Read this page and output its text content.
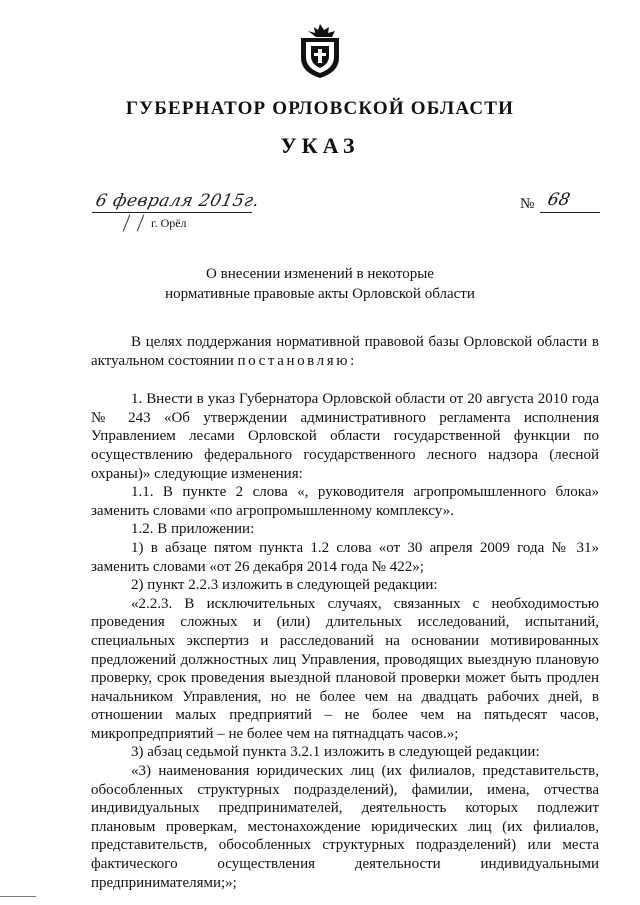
ГУБЕРНАТОР ОРЛОВСКОЙ ОБЛАСТИ
УКАЗ
6 февраля 2015г.
г. Орёл
№ 68
О внесении изменений в некоторые
нормативные правовые акты Орловской области

В целях поддержания нормативной правовой базы Орловской области в актуальном состоянии постановляю:

1. Внести в указ Губернатора Орловской области от 20 августа 2010 года № 243 «Об утверждении административного регламента исполнения Управлением лесами Орловской области государственной функции по осуществлению федерального государственного лесного надзора (лесной охраны)» следующие изменения:

1.1. В пункте 2 слова «, руководителя агропромышленного блока» заменить словами «по агропромышленному комплексу».

1.2. В приложении:

1) в абзаце пятом пункта 1.2 слова «от 30 апреля 2009 года № 31» заменить словами «от 26 декабря 2014 года № 422»;

2) пункт 2.2.3 изложить в следующей редакции:

«2.2.3. В исключительных случаях, связанных с необходимостью проведения сложных и (или) длительных исследований, испытаний, специальных экспертиз и расследований на основании мотивированных предложений должностных лиц Управления, проводящих выездную плановую проверку, срок проведения выездной плановой проверки может быть продлен начальником Управления, но не более чем на двадцать рабочих дней, в отношении малых предприятий – не более чем на пятьдесят часов, микропредприятий – не более чем на пятнадцать часов.»;

3) абзац седьмой пункта 3.2.1 изложить в следующей редакции:

«3) наименования юридических лиц (их филиалов, представительств, обособленных структурных подразделений), фамилии, имена, отчества индивидуальных предпринимателей, деятельность которых подлежит плановым проверкам, местонахождение юридических лиц (их филиалов, представительств, обособленных структурных подразделений) или места фактического осуществления деятельности индивидуальными предпринимателями;»;
